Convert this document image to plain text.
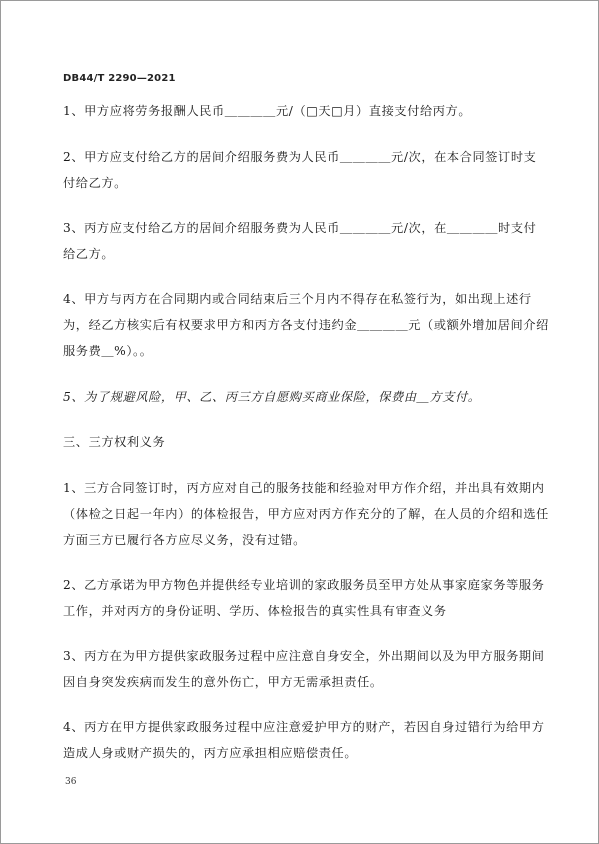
DB44/T 2290—2021

1、甲方应将劳务报酬人民币＿＿＿＿元/（□天□月）直接支付给丙方。

2、甲方应支付给乙方的居间介绍服务费为人民币＿＿＿＿元/次，在本合同签订时支付给乙方。

3、丙方应支付给乙方的居间介绍服务费为人民币＿＿＿＿元/次，在＿＿＿＿时支付给乙方。

4、甲方与丙方在合同期内或合同结束后三个月内不得存在私签行为，如出现上述行为，经乙方核实后有权要求甲方和丙方各支付违约金＿＿＿＿元（或额外增加居间介绍服务费＿%）。。

5、为了规避风险，甲、乙、丙三方自愿购买商业保险，保费由＿方支付。

三、三方权利义务

1、三方合同签订时，丙方应对自己的服务技能和经验对甲方作介绍，并出具有效期内（体检之日起一年内）的体检报告，甲方应对丙方作充分的了解，在人员的介绍和选任方面三方已履行各方应尽义务，没有过错。

2、乙方承诺为甲方物色并提供经专业培训的家政服务员至甲方处从事家庭家务等服务工作，并对丙方的身份证明、学历、体检报告的真实性具有审查义务

3、丙方在为甲方提供家政服务过程中应注意自身安全，外出期间以及为甲方服务期间因自身突发疾病而发生的意外伤亡，甲方无需承担责任。

4、丙方在甲方提供家政服务过程中应注意爱护甲方的财产，若因自身过错行为给甲方造成人身或财产损失的，丙方应承担相应赔偿责任。

36
